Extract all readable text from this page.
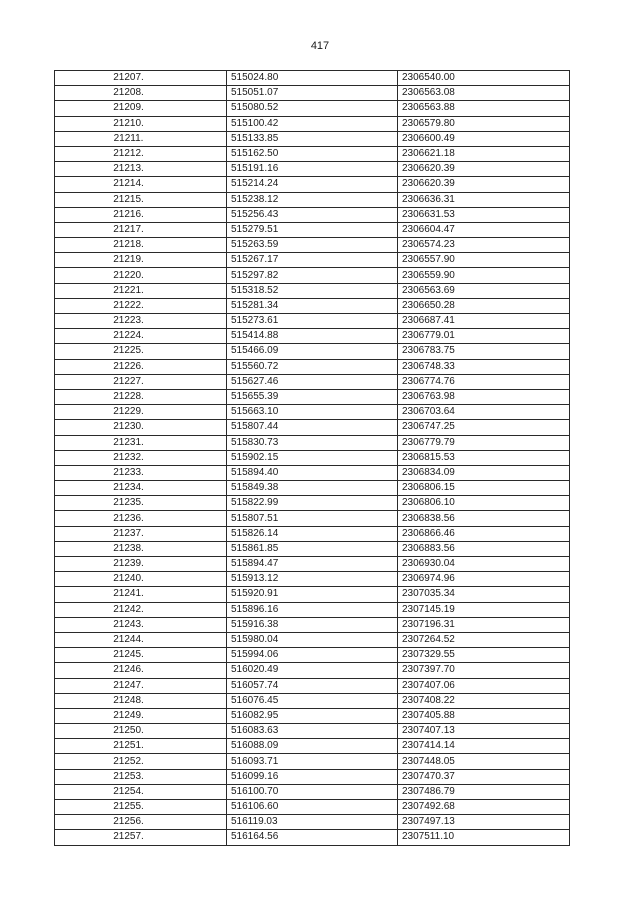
417
21207.	515024.80	2306540.00
21208.	515051.07	2306563.08
21209.	515080.52	2306563.88
21210.	515100.42	2306579.80
21211.	515133.85	2306600.49
21212.	515162.50	2306621.18
21213.	515191.16	2306620.39
21214.	515214.24	2306620.39
21215.	515238.12	2306636.31
21216.	515256.43	2306631.53
21217.	515279.51	2306604.47
21218.	515263.59	2306574.23
21219.	515267.17	2306557.90
21220.	515297.82	2306559.90
21221.	515318.52	2306563.69
21222.	515281.34	2306650.28
21223.	515273.61	2306687.41
21224.	515414.88	2306779.01
21225.	515466.09	2306783.75
21226.	515560.72	2306748.33
21227.	515627.46	2306774.76
21228.	515655.39	2306763.98
21229.	515663.10	2306703.64
21230.	515807.44	2306747.25
21231.	515830.73	2306779.79
21232.	515902.15	2306815.53
21233.	515894.40	2306834.09
21234.	515849.38	2306806.15
21235.	515822.99	2306806.10
21236.	515807.51	2306838.56
21237.	515826.14	2306866.46
21238.	515861.85	2306883.56
21239.	515894.47	2306930.04
21240.	515913.12	2306974.96
21241.	515920.91	2307035.34
21242.	515896.16	2307145.19
21243.	515916.38	2307196.31
21244.	515980.04	2307264.52
21245.	515994.06	2307329.55
21246.	516020.49	2307397.70
21247.	516057.74	2307407.06
21248.	516076.45	2307408.22
21249.	516082.95	2307405.88
21250.	516083.63	2307407.13
21251.	516088.09	2307414.14
21252.	516093.71	2307448.05
21253.	516099.16	2307470.37
21254.	516100.70	2307486.79
21255.	516106.60	2307492.68
21256.	516119.03	2307497.13
21257.	516164.56	2307511.10
